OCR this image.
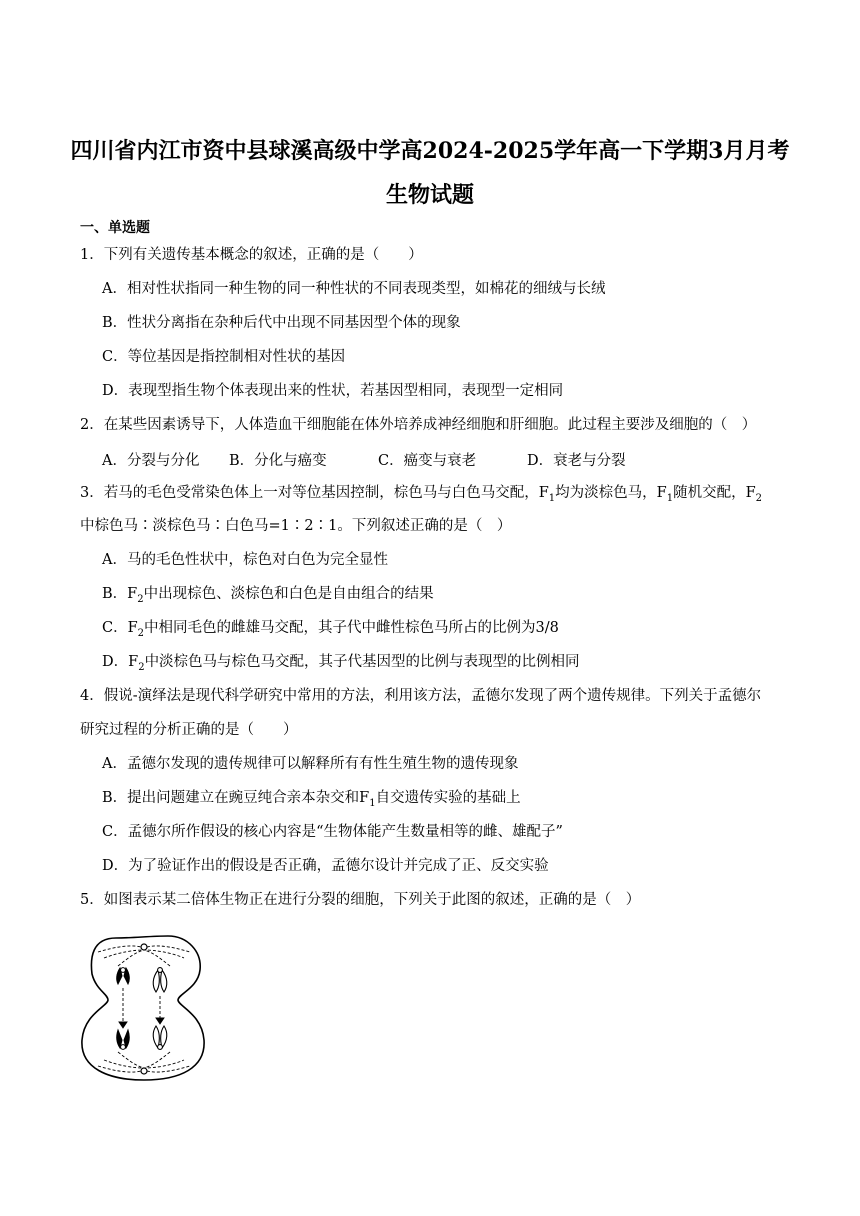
四川省内江市资中县球溪高级中学高2024-2025学年高一下学期3月月考
生物试题
一、单选题
1．下列有关遗传基本概念的叙述，正确的是（　　）
A．相对性状指同一种生物的同一种性状的不同表现类型，如棉花的细绒与长绒
B．性状分离指在杂种后代中出现不同基因型个体的现象
C．等位基因是指控制相对性状的基因
D．表现型指生物个体表现出来的性状，若基因型相同，表现型一定相同
2．在某些因素诱导下，人体造血干细胞能在体外培养成神经细胞和肝细胞。此过程主要涉及细胞的（　）
A．分裂与分化 B．分化与癌变	C．癌变与衰老	D．衰老与分裂
3．若马的毛色受常染色体上一对等位基因控制，棕色马与白色马交配，$F_1$均为淡棕色马，$F_1$随机交配，$F_2$
中棕色马∶淡棕色马∶白色马=1∶2∶1。下列叙述正确的是（　）
A．马的毛色性状中，棕色对白色为完全显性
B．$F_2$中出现棕色、淡棕色和白色是自由组合的结果
C．$F_2$中相同毛色的雌雄马交配，其子代中雌性棕色马所占的比例为3/8
D．$F_2$中淡棕色马与棕色马交配，其子代基因型的比例与表现型的比例相同
4．假说-演绎法是现代科学研究中常用的方法，利用该方法，孟德尔发现了两个遗传规律。下列关于孟德尔
研究过程的分析正确的是（　　）
A．孟德尔发现的遗传规律可以解释所有有性生殖生物的遗传现象
B．提出问题建立在豌豆纯合亲本杂交和$F_1$自交遗传实验的基础上
C．孟德尔所作假设的核心内容是“生物体能产生数量相等的雌、雄配子”
D．为了验证作出的假设是否正确，孟德尔设计并完成了正、反交实验
5．如图表示某二倍体生物正在进行分裂的细胞，下列关于此图的叙述，正确的是（　）
